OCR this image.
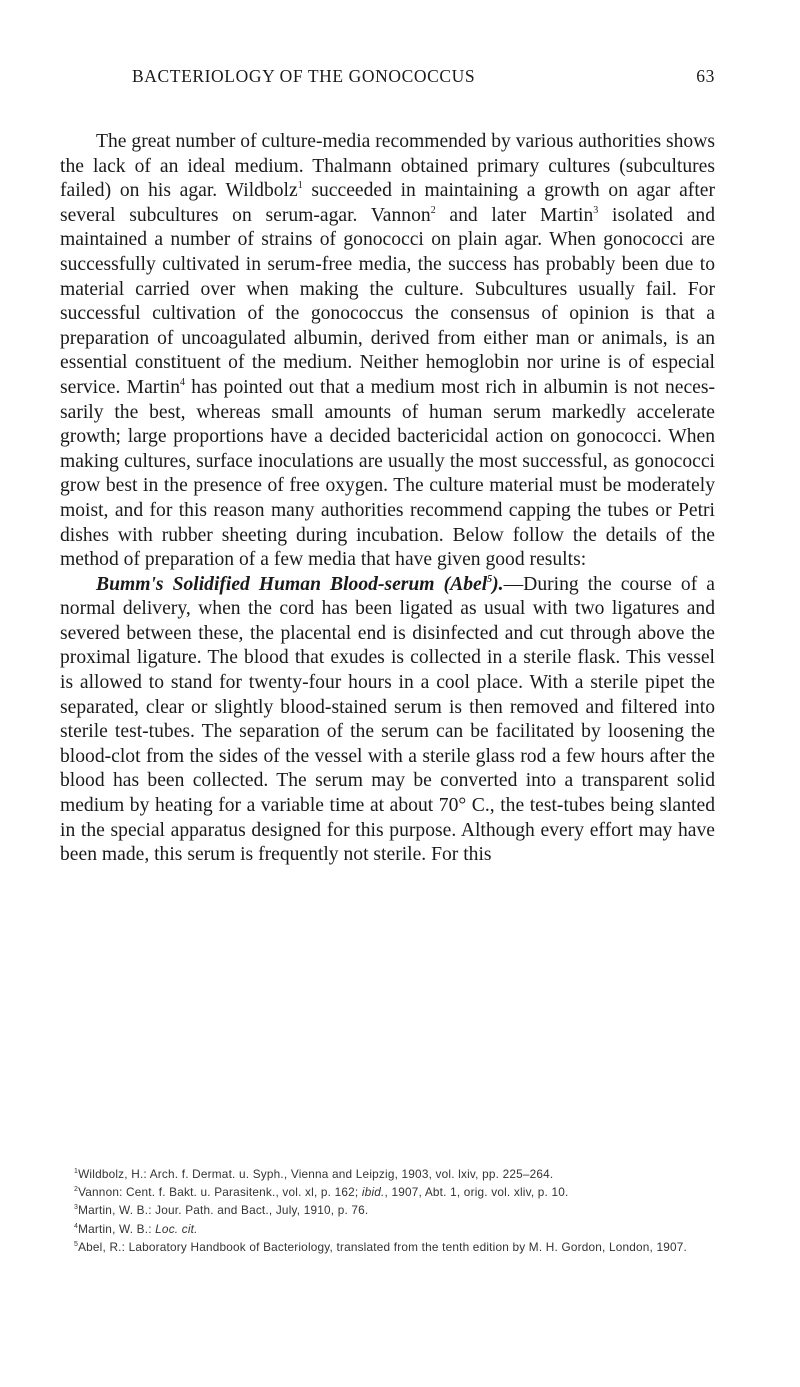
BACTERIOLOGY OF THE GONOCOCCUS	63

The great number of culture-media recommended by various authorities shows the lack of an ideal medium. Thalmann obtained primary cultures (subcultures failed) on his agar. Wildbolz$^1$ succeeded in maintaining a growth on agar after several subcultures on serum-agar. Vannon$^2$ and later Martin$^3$ isolated and maintained a number of strains of gonococci on plain agar. When gonococci are successfully cultivated in serum-free media, the success has probably been due to material carried over when making the culture. Subcultures usually fail. For successful cultivation of the gonococcus the consensus of opinion is that a preparation of uncoagulated albumin, derived from either man or animals, is an essential constituent of the medium. Neither hemoglobin nor urine is of especial service. Martin$^4$ has pointed out that a medium most rich in albumin is not necessarily the best, whereas small amounts of human serum markedly accelerate growth; large proportions have a decided bactericidal action on gonococci. When making cultures, surface inoculations are usually the most successful, as gonococci grow best in the presence of free oxygen. The culture material must be moderately moist, and for this reason many authorities recommend capping the tubes or Petri dishes with rubber sheeting during incubation. Below follow the details of the method of preparation of a few media that have given good results:

Bumm's Solidified Human Blood-serum (Abel$^5$).—During the course of a normal delivery, when the cord has been ligated as usual with two ligatures and severed between these, the placental end is disinfected and cut through above the proximal ligature. The blood that exudes is collected in a sterile flask. This vessel is allowed to stand for twenty-four hours in a cool place. With a sterile pipet the separated, clear or slightly blood-stained serum is then removed and filtered into sterile test-tubes. The separation of the serum can be facilitated by loosening the blood-clot from the sides of the vessel with a sterile glass rod a few hours after the blood has been collected. The serum may be converted into a transparent solid medium by heating for a variable time at about 70° C., the test-tubes being slanted in the special apparatus designed for this purpose. Although every effort may have been made, this serum is frequently not sterile. For this

$^1$Wildbolz, H.: Arch. f. Dermat. u. Syph., Vienna and Leipzig, 1903, vol. lxiv, pp. 225–264.

$^2$Vannon: Cent. f. Bakt. u. Parasitenk., vol. xl, p. 162; ibid., 1907, Abt. 1, orig. vol. xliv, p. 10.

$^3$Martin, W. B.: Jour. Path. and Bact., July, 1910, p. 76.

$^4$Martin, W. B.: Loc. cit.

$^5$Abel, R.: Laboratory Handbook of Bacteriology, translated from the tenth edition by M. H. Gordon, London, 1907.
